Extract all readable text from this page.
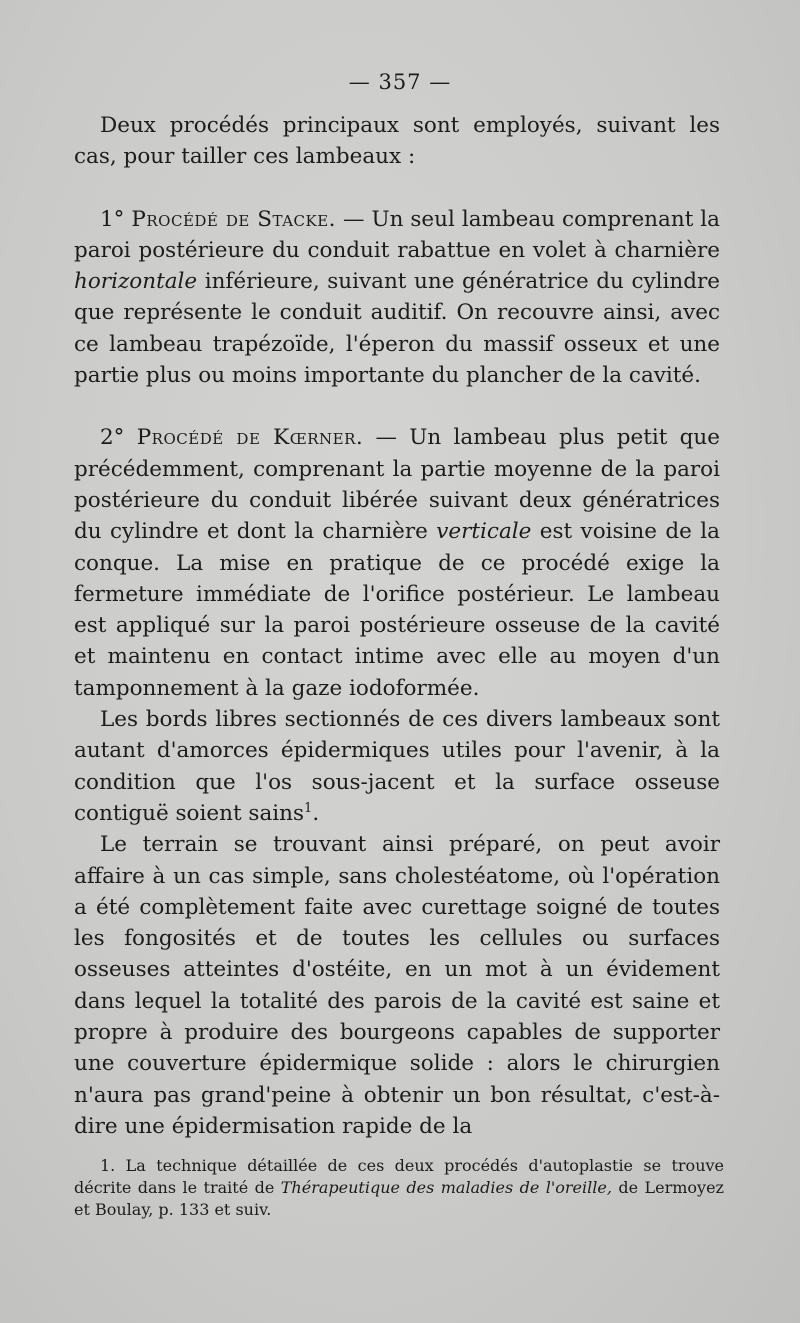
— 357 —

Deux procédés principaux sont employés, suivant les cas, pour tailler ces lambeaux :

1° Procédé de Stacke. — Un seul lambeau comprenant la paroi postérieure du conduit rabattue en volet à charnière horizontale inférieure, suivant une génératrice du cylindre que représente le conduit auditif. On recouvre ainsi, avec ce lambeau trapézoïde, l'éperon du massif osseux et une partie plus ou moins importante du plancher de la cavité.

2° Procédé de Kœrner. — Un lambeau plus petit que précédemment, comprenant la partie moyenne de la paroi postérieure du conduit libérée suivant deux génératrices du cylindre et dont la charnière verticale est voisine de la conque. La mise en pratique de ce procédé exige la fermeture immédiate de l'orifice postérieur. Le lambeau est appliqué sur la paroi postérieure osseuse de la cavité et maintenu en contact intime avec elle au moyen d'un tamponnement à la gaze iodoformée.

Les bords libres sectionnés de ces divers lambeaux sont autant d'amorces épidermiques utiles pour l'avenir, à la condition que l'os sous-jacent et la surface osseuse contiguë soient sains$^1$.

Le terrain se trouvant ainsi préparé, on peut avoir affaire à un cas simple, sans cholestéatome, où l'opération a été complètement faite avec curettage soigné de toutes les fongosités et de toutes les cellules ou surfaces osseuses atteintes d'ostéite, en un mot à un évidement dans lequel la totalité des parois de la cavité est saine et propre à produire des bourgeons capables de supporter une couverture épidermique solide : alors le chirurgien n'aura pas grand'peine à obtenir un bon résultat, c'est-à-dire une épidermisation rapide de la

1. La technique détaillée de ces deux procédés d'autoplastie se trouve décrite dans le traité de Thérapeutique des maladies de l'oreille, de Lermoyez et Boulay, p. 133 et suiv.
